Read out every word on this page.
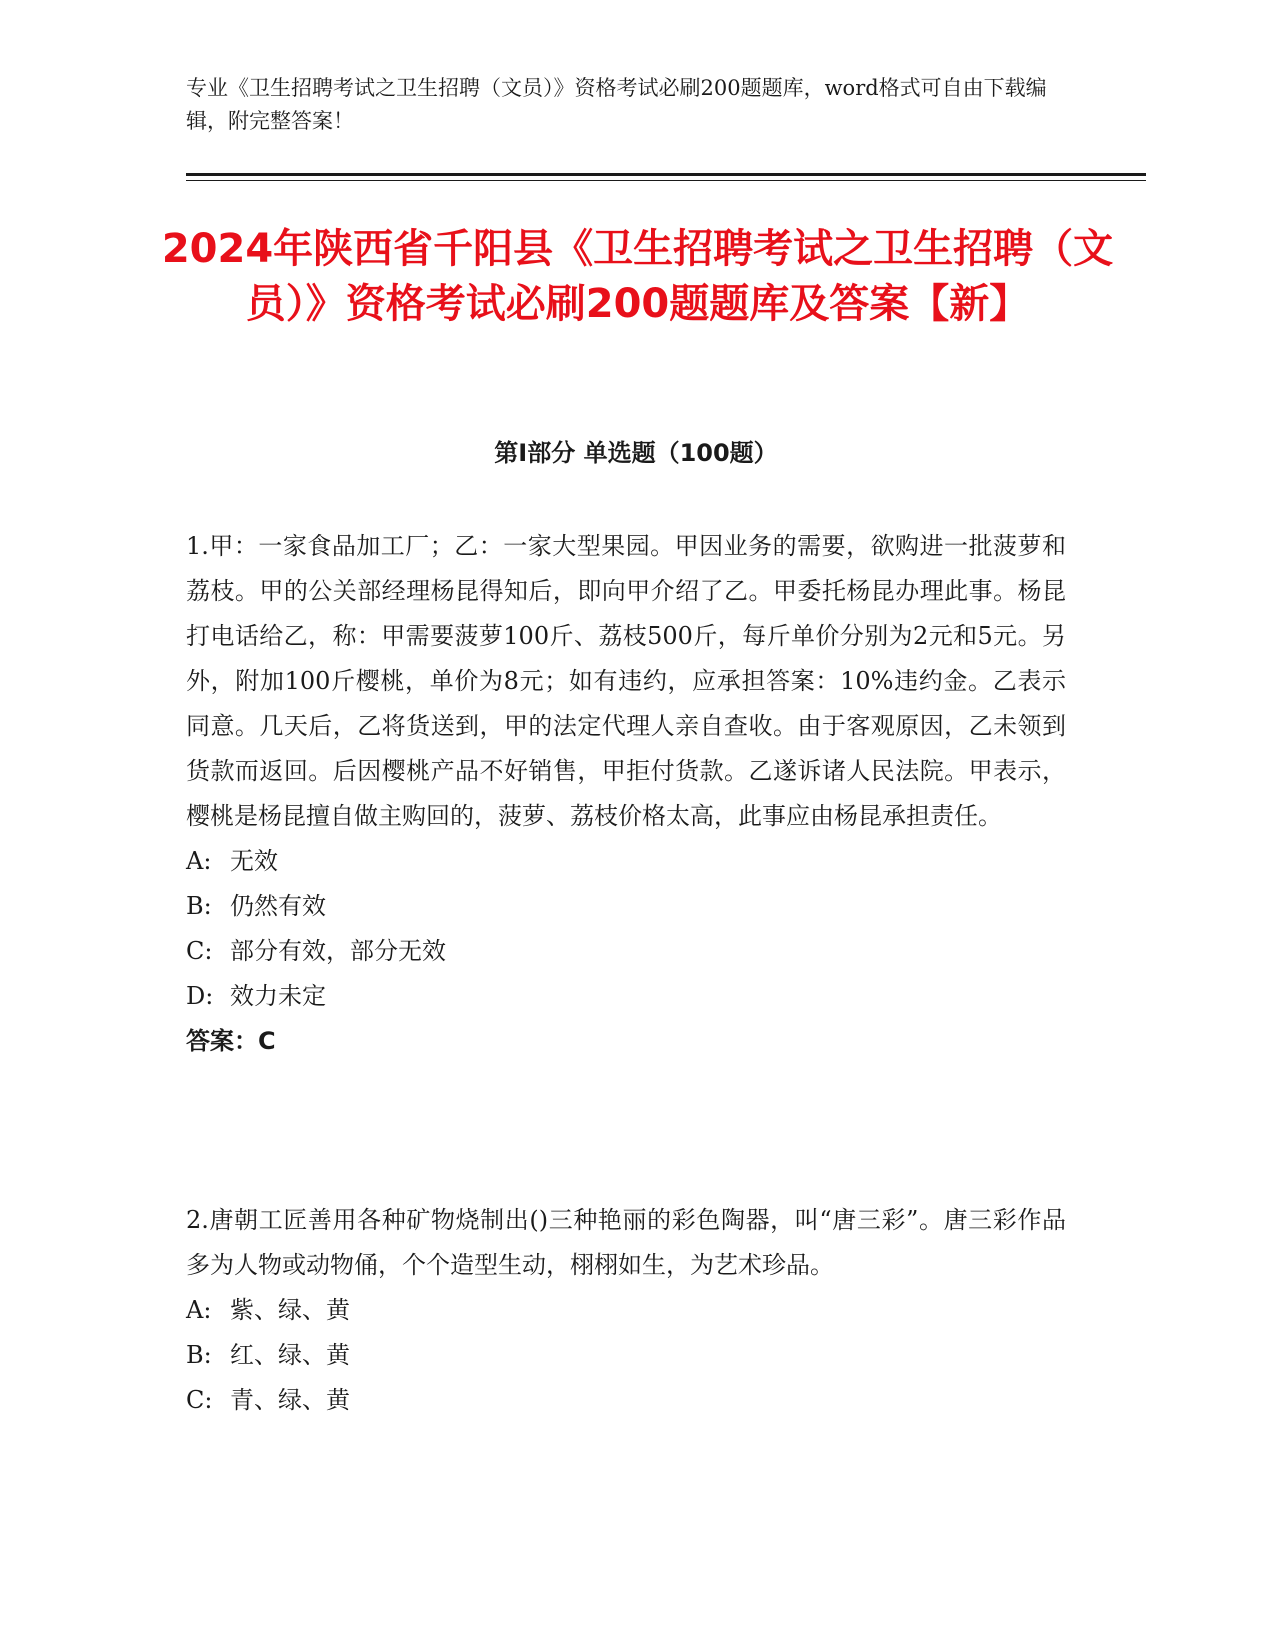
专业《卫生招聘考试之卫生招聘（文员）》资格考试必刷200题题库，word格式可自由下载编辑，附完整答案！
2024年陕西省千阳县《卫生招聘考试之卫生招聘（文员）》资格考试必刷200题题库及答案【新】
第Ⅰ部分 单选题（100题）

1.甲：一家食品加工厂；乙：一家大型果园。甲因业务的需要，欲购进一批菠萝和荔枝。甲的公关部经理杨昆得知后，即向甲介绍了乙。甲委托杨昆办理此事。杨昆打电话给乙，称：甲需要菠萝100斤、荔枝500斤，每斤单价分别为2元和5元。另外，附加100斤樱桃，单价为8元；如有违约，应承担答案：10%违约金。乙表示同意。几天后，乙将货送到，甲的法定代理人亲自查收。由于客观原因，乙未领到货款而返回。后因樱桃产品不好销售，甲拒付货款。乙遂诉诸人民法院。甲表示，樱桃是杨昆擅自做主购回的，菠萝、荔枝价格太高，此事应由杨昆承担责任。

A: 无效

B: 仍然有效

C: 部分有效，部分无效

D: 效力未定

答案：C

2.唐朝工匠善用各种矿物烧制出()三种艳丽的彩色陶器，叫“唐三彩”。唐三彩作品多为人物或动物俑，个个造型生动，栩栩如生，为艺术珍品。

A: 紫、绿、黄

B: 红、绿、黄

C: 青、绿、黄
